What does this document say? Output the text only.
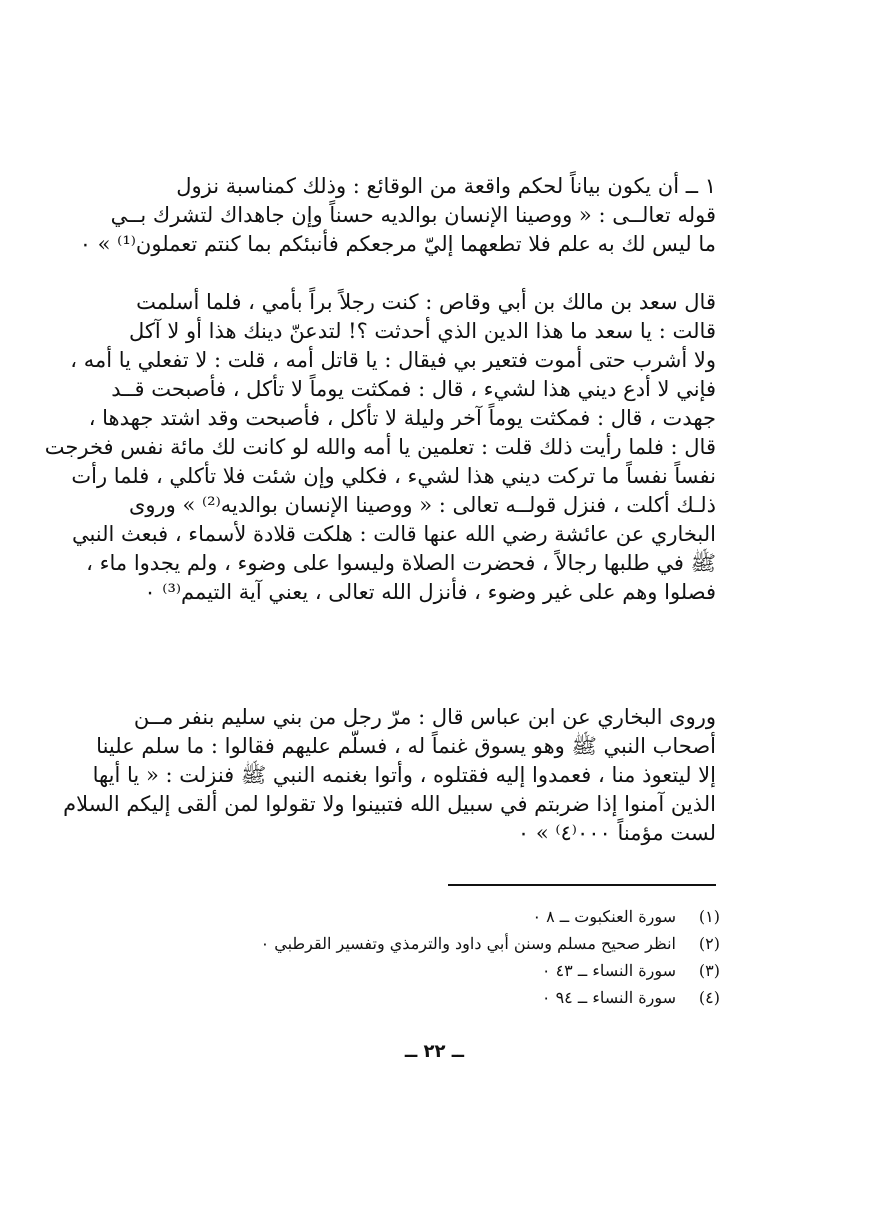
١ ــ أن يكون بياناً لحكم واقعة من الوقائع : وذلك كمناسبة نزول
قوله تعالــى : « ووصينا الإنسان بوالديه حسناً وإن جاهداك لتشرك بــي
ما ليس لك به علم فلا تطعهما إليّ مرجعكم فأنبئكم بما كنتم تعملون⁽¹⁾ » ٠
قال سعد بن مالك بن أبي وقاص : كنت رجلاً براً بأمي ، فلما أسلمت
قالت : يا سعد ما هذا الدين الذي أحدثت ؟! لتدعنّ دينك هذا أو لا آكل
ولا أشرب حتى أموت فتعير بي فيقال : يا قاتل أمه ، قلت : لا تفعلي يا أمه ،
فإني لا أدع ديني هذا لشيء ، قال : فمكثت يوماً لا تأكل ، فأصبحت قــد
جهدت ، قال : فمكثت يوماً آخر وليلة لا تأكل ، فأصبحت وقد اشتد جهدها ،
قال : فلما رأيت ذلك قلت : تعلمين يا أمه والله لو كانت لك مائة نفس فخرجت
نفساً نفساً ما تركت ديني هذا لشيء ، فكلي وإن شئت فلا تأكلي ، فلما رأت
ذلـك أكلت ، فنزل قولــه تعالى : « ووصينا الإنسان بوالديه⁽²⁾ » وروى
البخاري عن عائشة رضي الله عنها قالت : هلكت قلادة لأسماء ، فبعث النبي
ﷺ في طلبها رجالاً ، فحضرت الصلاة وليسوا على وضوء ، ولم يجدوا ماء ،
فصلوا وهم على غير وضوء ، فأنزل الله تعالى ، يعني آية التيمم⁽³⁾ ٠
وروى البخاري عن ابن عباس قال : مرّ رجل من بني سليم بنفر مــن
أصحاب النبي ﷺ وهو يسوق غنماً له ، فسلّم عليهم فقالوا : ما سلم علينا
إلا ليتعوذ منا ، فعمدوا إليه فقتلوه ، وأتوا بغنمه النبي ﷺ فنزلت : « يا أيها
الذين آمنوا إذا ضربتم في سبيل الله فتبينوا ولا تقولوا لمن ألقى إليكم السلام
لست مؤمناً ٠٠٠⁽٤⁾ » ٠
(١)
سورة العنكبوت ــ ٨ ٠
(٢)
انظر صحيح مسلم وسنن أبي داود والترمذي وتفسير القرطبي ٠
(٣)
سورة النساء ــ ٤٣ ٠
(٤)
سورة النساء ــ ٩٤ ٠
ــ ٢٢ ــ
